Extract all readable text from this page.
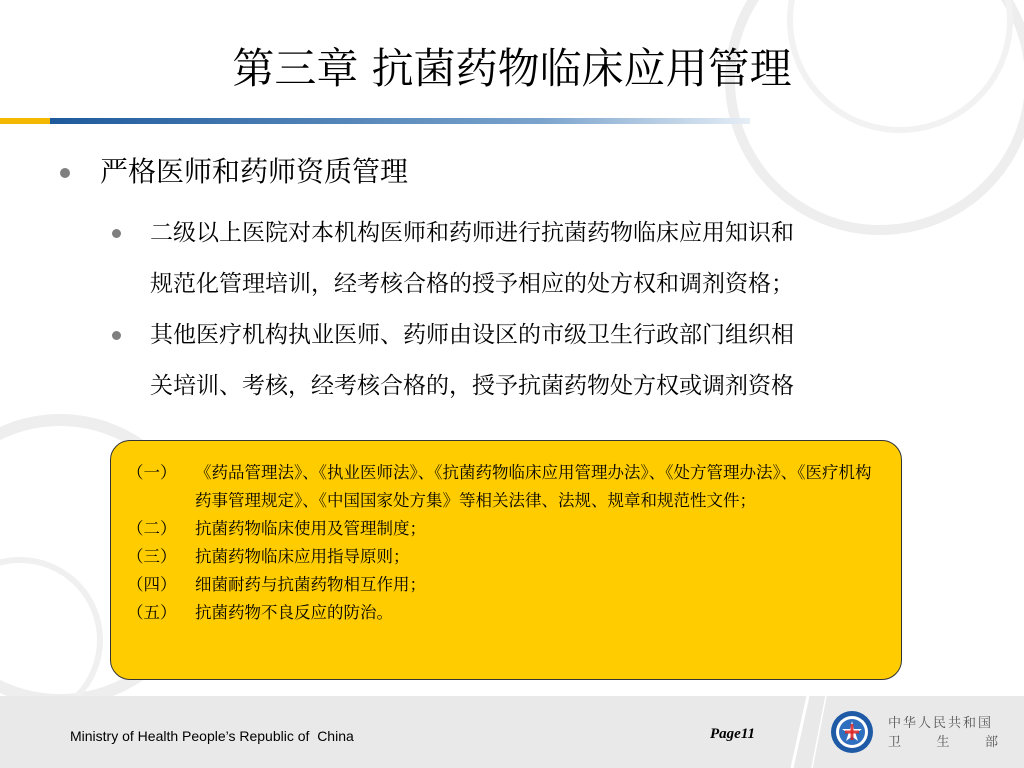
第三章 抗菌药物临床应用管理
严格医师和药师资质管理
二级以上医院对本机构医师和药师进行抗菌药物临床应用知识和
规范化管理培训，经考核合格的授予相应的处方权和调剂资格；
其他医疗机构执业医师、药师由设区的市级卫生行政部门组织相
关培训、考核，经考核合格的，授予抗菌药物处方权或调剂资格
（一） 《药品管理法》、《执业医师法》、《抗菌药物临床应用管理办法》、《处方管理办法》、《医疗机构药事管理规定》、《中国国家处方集》等相关法律、法规、规章和规范性文件；
（二） 抗菌药物临床使用及管理制度；
（三） 抗菌药物临床应用指导原则；
（四） 细菌耐药与抗菌药物相互作用；
（五） 抗菌药物不良反应的防治。
Ministry of Health People’s Republic of  China	Page11
中华人民共和国
卫	生	部
